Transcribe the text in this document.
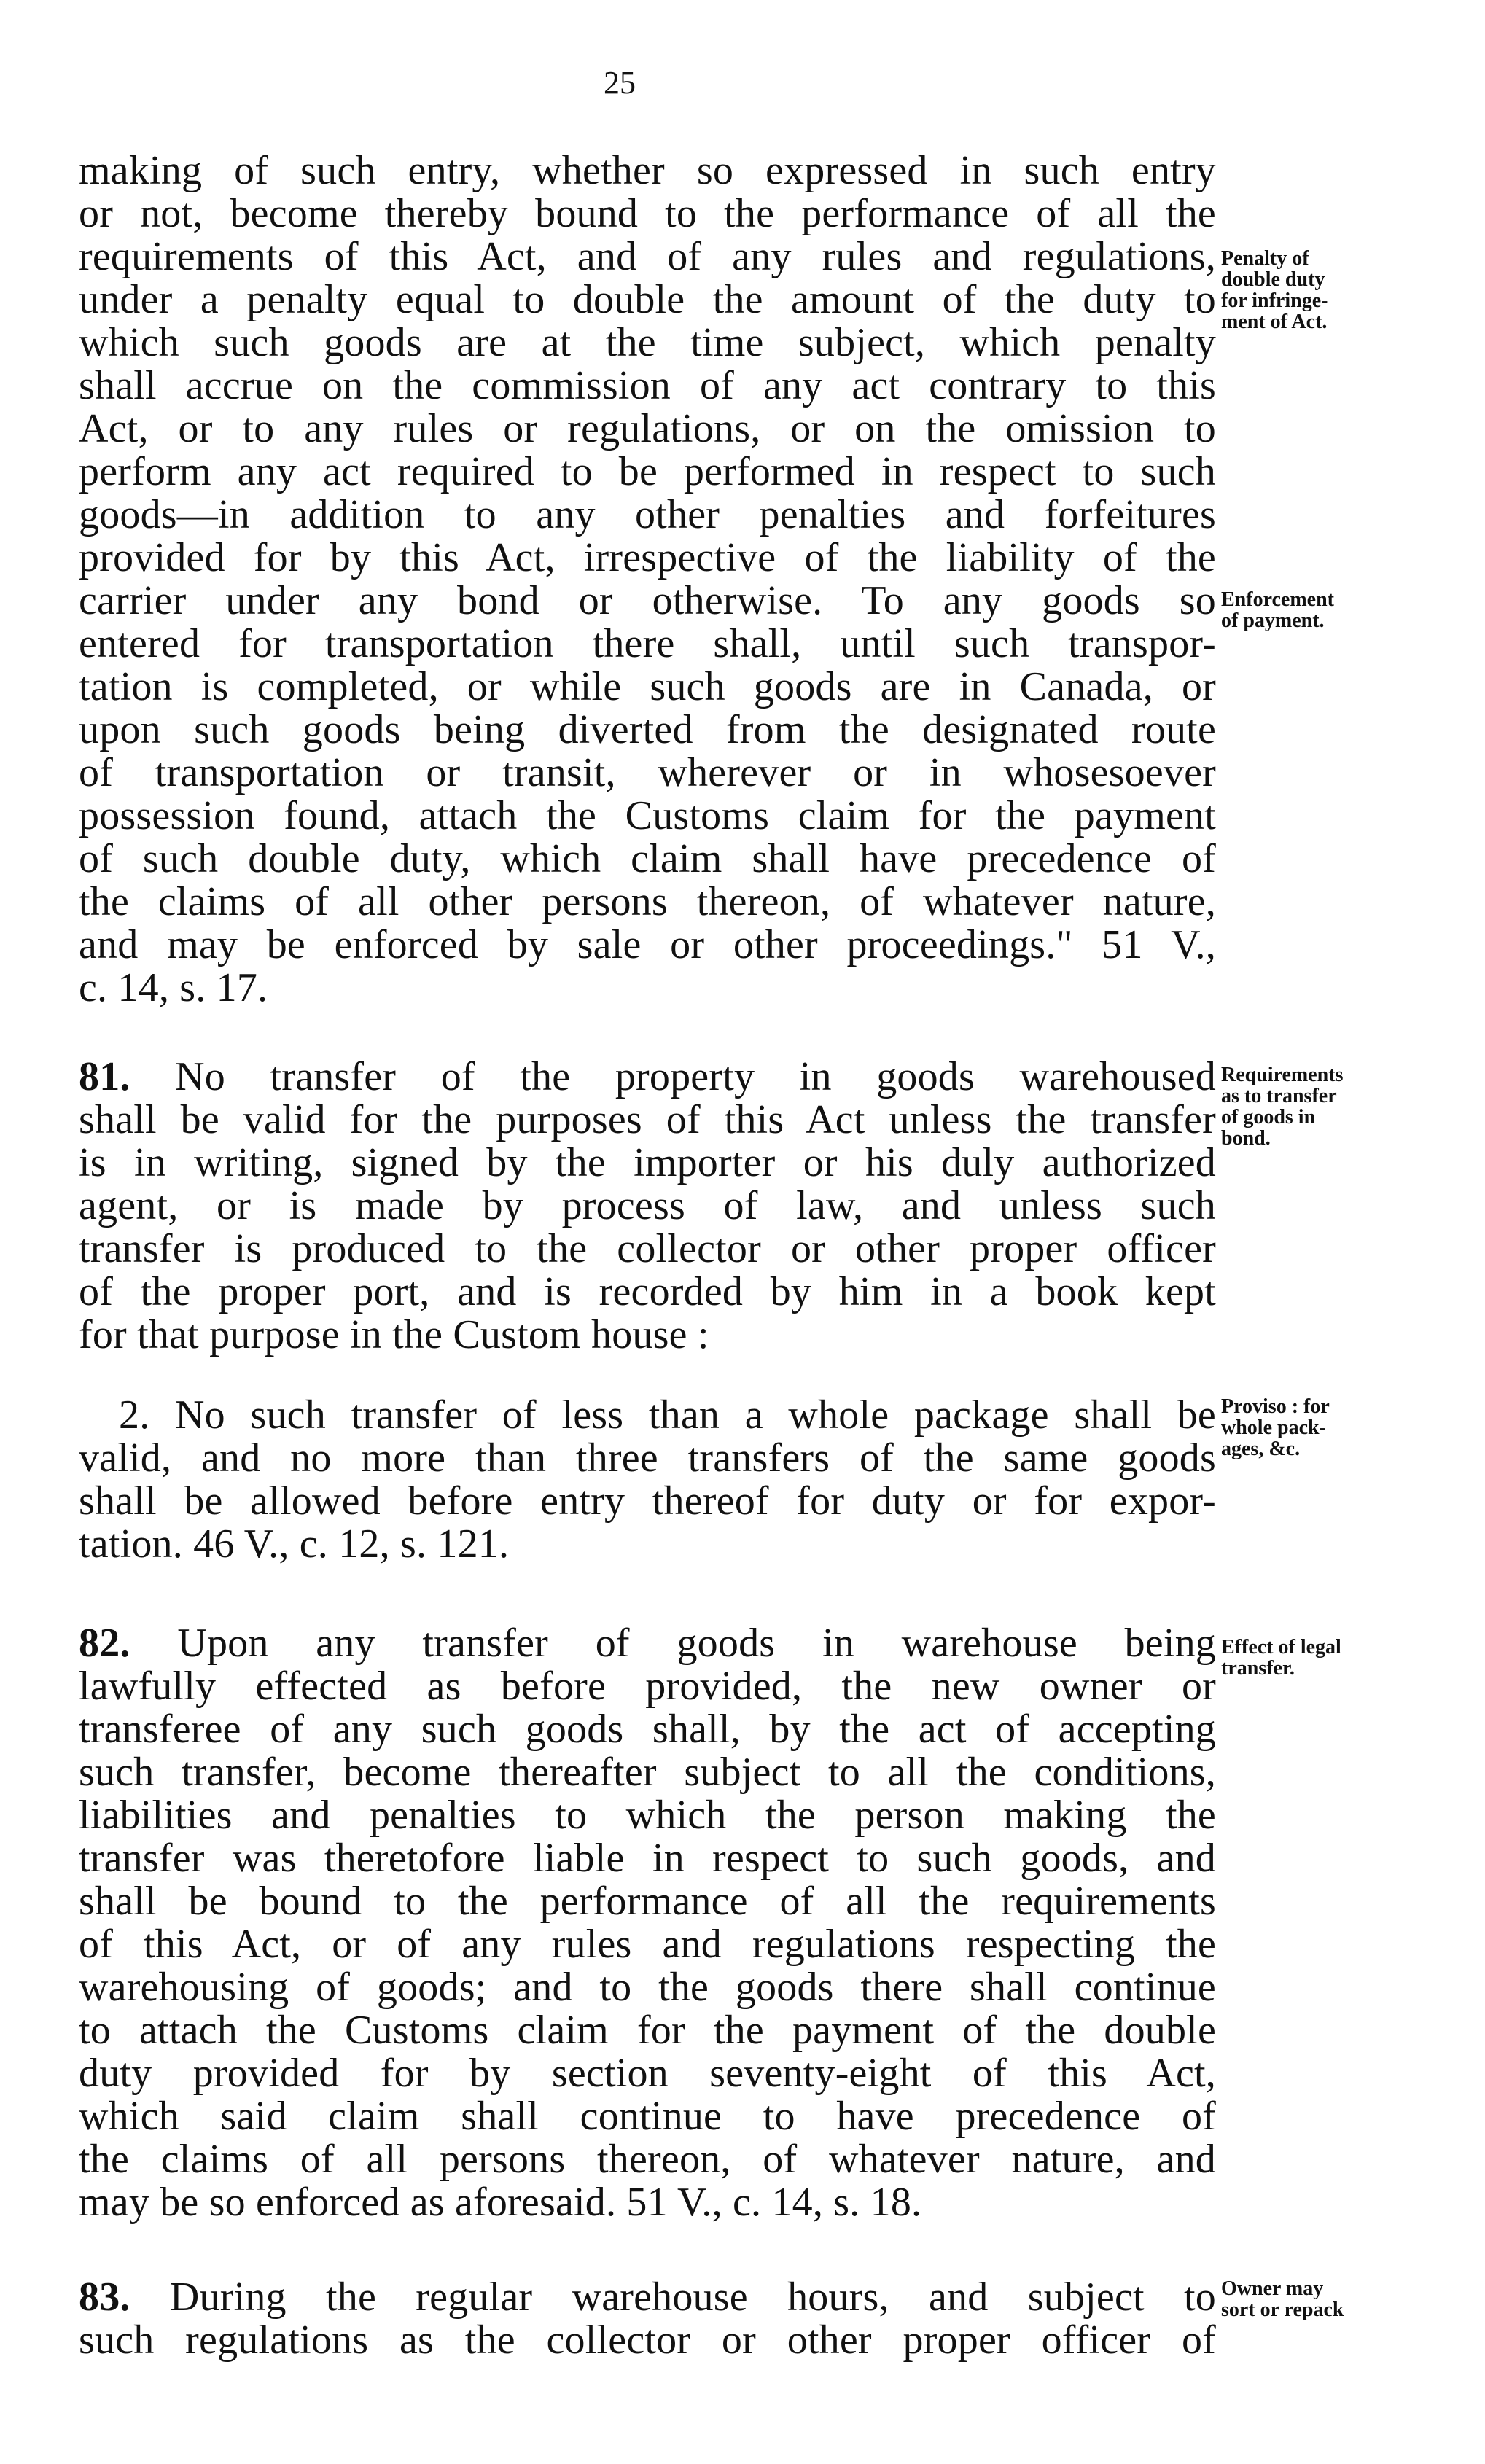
25
making of such entry, whether so expressed in such entry
or not, become thereby bound to the performance of all the
requirements of this Act, and of any rules and regulations,
under a penalty equal to double the amount of the duty to
which such goods are at the time subject, which penalty
shall accrue on the commission of any act contrary to this
Act, or to any rules or regulations, or on the omission to
perform any act required to be performed in respect to such
goods—in addition to any other penalties and forfeitures
provided for by this Act, irrespective of the liability of the
carrier under any bond or otherwise. To any goods so
entered for transportation there shall, until such transpor-
tation is completed, or while such goods are in Canada, or
upon such goods being diverted from the designated route
of transportation or transit, wherever or in whosesoever
possession found, attach the Customs claim for the payment
of such double duty, which claim shall have precedence of
the claims of all other persons thereon, of whatever nature,
and may be enforced by sale or other proceedings." 51 V.,
c. 14, s. 17.
81. No transfer of the property in goods warehoused
shall be valid for the purposes of this Act unless the transfer
is in writing, signed by the importer or his duly authorized
agent, or is made by process of law, and unless such
transfer is produced to the collector or other proper officer
of the proper port, and is recorded by him in a book kept
for that purpose in the Custom house :
2. No such transfer of less than a whole package shall be
valid, and no more than three transfers of the same goods
shall be allowed before entry thereof for duty or for expor-
tation. 46 V., c. 12, s. 121.
82. Upon any transfer of goods in warehouse being
lawfully effected as before provided, the new owner or
transferee of any such goods shall, by the act of accepting
such transfer, become thereafter subject to all the conditions,
liabilities and penalties to which the person making the
transfer was theretofore liable in respect to such goods, and
shall be bound to the performance of all the requirements
of this Act, or of any rules and regulations respecting the
warehousing of goods; and to the goods there shall continue
to attach the Customs claim for the payment of the double
duty provided for by section seventy-eight of this Act,
which said claim shall continue to have precedence of
the claims of all persons thereon, of whatever nature, and
may be so enforced as aforesaid. 51 V., c. 14, s. 18.
83. During the regular warehouse hours, and subject to
such regulations as the collector or other proper officer of
Penalty of
double duty
for infringe-
ment of Act.
Enforcement
of payment.
Requirements
as to transfer
of goods in
bond.
Proviso : for
whole pack-
ages, &c.
Effect of legal
transfer.
Owner may
sort or repack
